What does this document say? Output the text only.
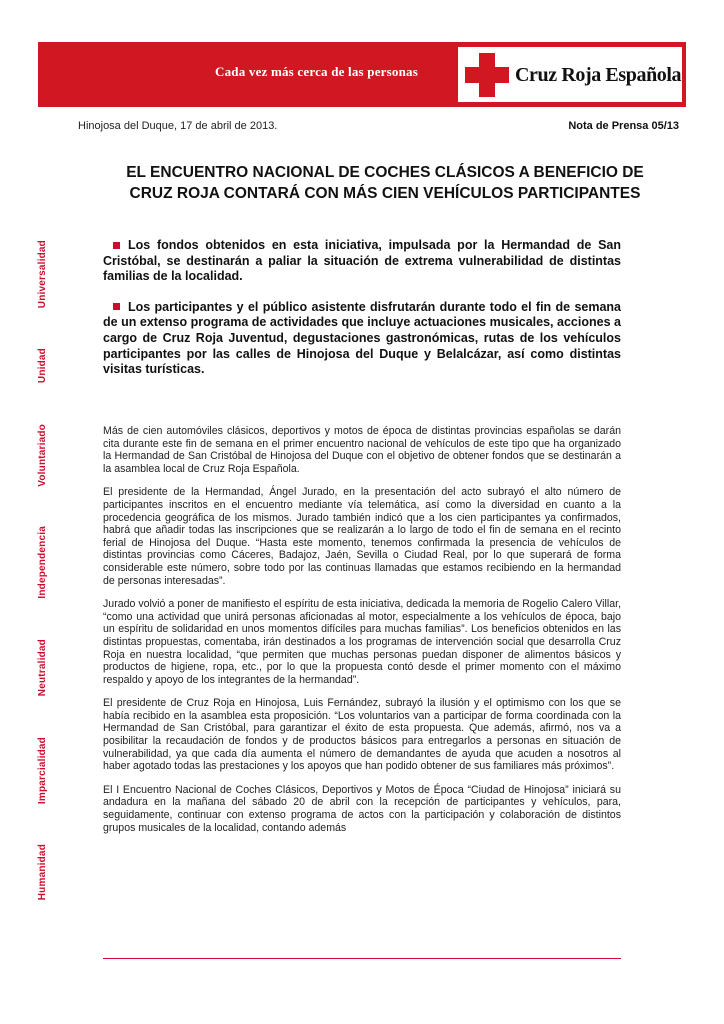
Cada vez más cerca de las personas	Cruz Roja Española
Hinojosa del Duque, 17 de abril de 2013.	Nota de Prensa 05/13
Universalidad
Unidad
Voluntariado
Independencia
Neutralidad
Imparcialidad
Humanidad
EL ENCUENTRO NACIONAL DE COCHES CLÁSICOS A BENEFICIO DE CRUZ ROJA CONTARÁ CON MÁS CIEN VEHÍCULOS PARTICIPANTES

Los fondos obtenidos en esta iniciativa, impulsada por la Hermandad de San Cristóbal, se destinarán a paliar la situación de extrema vulnerabilidad de distintas familias de la localidad.

Los participantes y el público asistente disfrutarán durante todo el fin de semana de un extenso programa de actividades que incluye actuaciones musicales, acciones a cargo de Cruz Roja Juventud, degustaciones gastronómicas, rutas de los vehículos participantes por las calles de Hinojosa del Duque y Belalcázar, así como distintas visitas turísticas.

Más de cien automóviles clásicos, deportivos y motos de época de distintas provincias españolas se darán cita durante este fin de semana en el primer encuentro nacional de vehículos de este tipo que ha organizado la Hermandad de San Cristóbal de Hinojosa del Duque con el objetivo de obtener fondos que se destinarán a la asamblea local de Cruz Roja Española.

El presidente de la Hermandad, Ángel Jurado, en la presentación del acto subrayó el alto número de participantes inscritos en el encuentro mediante vía telemática, así como la diversidad en cuanto a la procedencia geográfica de los mismos. Jurado también indicó que a los cien participantes ya confirmados, habrá que añadir todas las inscripciones que se realizarán a lo largo de todo el fin de semana en el recinto ferial de Hinojosa del Duque. “Hasta este momento, tenemos confirmada la presencia de vehículos de distintas provincias como Cáceres, Badajoz, Jaén, Sevilla o Ciudad Real, por lo que superará de forma considerable este número, sobre todo por las continuas llamadas que estamos recibiendo en la hermandad de personas interesadas”.

Jurado volvió a poner de manifiesto el espíritu de esta iniciativa, dedicada la memoria de Rogelio Calero Villar, “como una actividad que unirá personas aficionadas al motor, especialmente a los vehículos de época, bajo un espíritu de solidaridad en unos momentos difíciles para muchas familias”. Los beneficios obtenidos en las distintas propuestas, comentaba, irán destinados a los programas de intervención social que desarrolla Cruz Roja en nuestra localidad, “que permiten que muchas personas puedan disponer de alimentos básicos y productos de higiene, ropa, etc., por lo que la propuesta contó desde el primer momento con el máximo respaldo y apoyo de los integrantes de la hermandad”.

El presidente de Cruz Roja en Hinojosa, Luis Fernández, subrayó la ilusión y el optimismo con los que se había recibido en la asamblea esta proposición. “Los voluntarios van a participar de forma coordinada con la Hermandad de San Cristóbal, para garantizar el éxito de esta propuesta. Que además, afirmó, nos va a posibilitar la recaudación de fondos y de productos básicos para entregarlos a personas en situación de vulnerabilidad, ya que cada día aumenta el número de demandantes de ayuda que acuden a nosotros al haber agotado todas las prestaciones y los apoyos que han podido obtener de sus familiares más próximos”.

El I Encuentro Nacional de Coches Clásicos, Deportivos y Motos de Época “Ciudad de Hinojosa” iniciará su andadura en la mañana del sábado 20 de abril con la recepción de participantes y vehículos, para, seguidamente, continuar con extenso programa de actos con la participación y colaboración de distintos grupos musicales de la localidad, contando además
